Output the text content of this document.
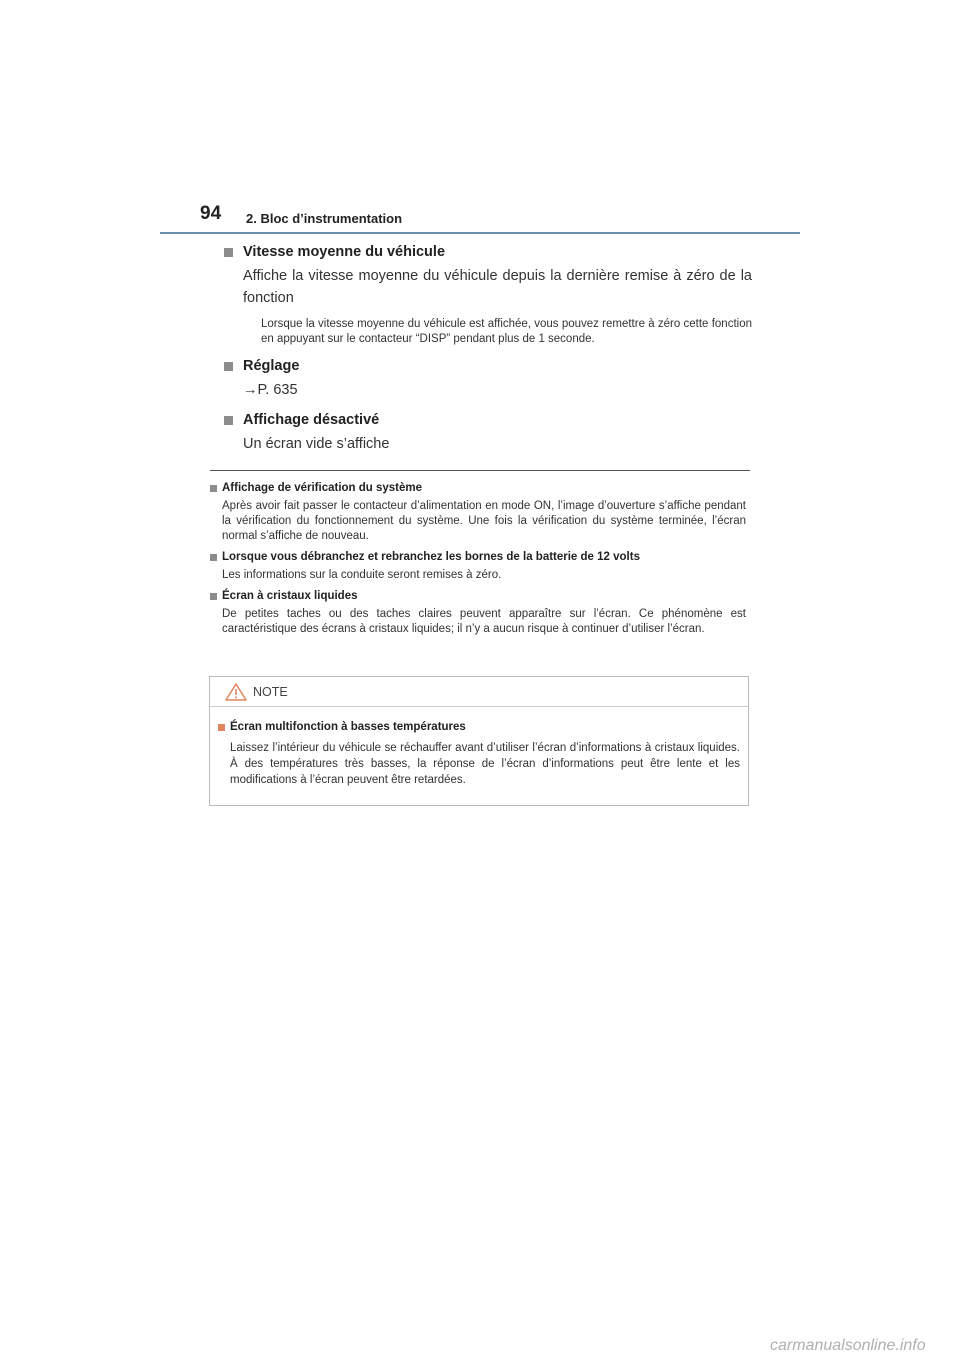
94 2. Bloc d’instrumentation
Vitesse moyenne du véhicule
Affiche la vitesse moyenne du véhicule depuis la dernière remise à zéro de la fonction
Lorsque la vitesse moyenne du véhicule est affichée, vous pouvez remettre à zéro cette fonction en appuyant sur le contacteur “DISP” pendant plus de 1 seconde.
Réglage
→P. 635
Affichage désactivé
Un écran vide s’affiche
Affichage de vérification du système
Après avoir fait passer le contacteur d’alimentation en mode ON, l’image d’ouverture s’affiche pendant la vérification du fonctionnement du système. Une fois la vérification du système terminée, l’écran normal s’affiche de nouveau.
Lorsque vous débranchez et rebranchez les bornes de la batterie de 12 volts
Les informations sur la conduite seront remises à zéro.
Écran à cristaux liquides
De petites taches ou des taches claires peuvent apparaître sur l’écran. Ce phénomène est caractéristique des écrans à cristaux liquides; il n’y a aucun risque à continuer d’utiliser l’écran.
NOTE
Écran multifonction à basses températures
Laissez l’intérieur du véhicule se réchauffer avant d’utiliser l’écran d’informations à cristaux liquides. À des températures très basses, la réponse de l’écran d’informations peut être lente et les modifications à l’écran peuvent être retardées.
carmanualsonline.info
